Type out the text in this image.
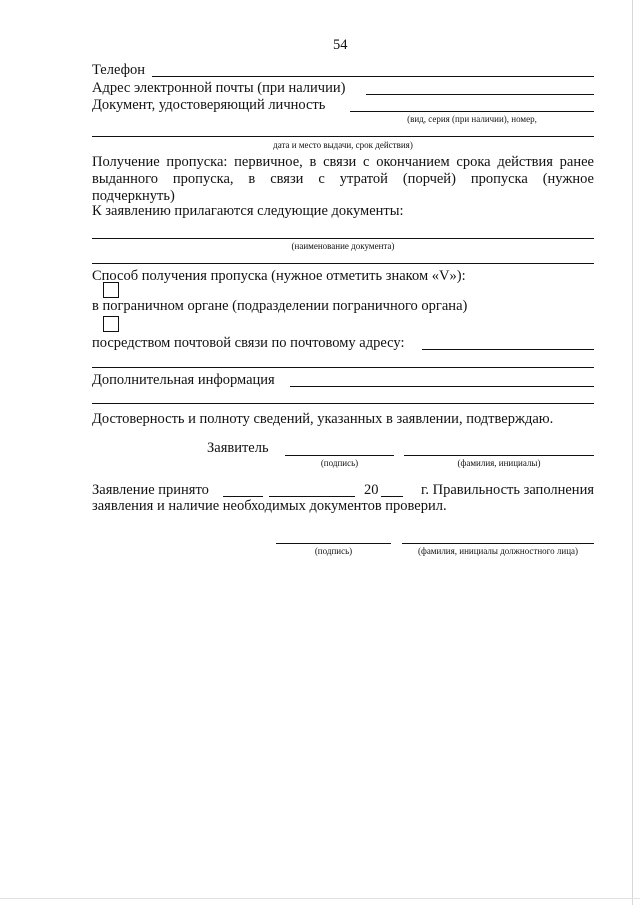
54
Телефон
Адрес электронной почты (при наличии)
Документ, удостоверяющий личность
(вид, серия (при наличии), номер,
дата и место выдачи, срок действия)
Получение пропуска: первичное, в связи с окончанием срока действия ранее
выданного пропуска, в связи с утратой (порчей) пропуска (нужное
подчеркнуть)
К заявлению прилагаются следующие документы:
(наименование документа)
Способ получения пропуска (нужное отметить знаком «V»):
в пограничном органе (подразделении пограничного органа)
посредством почтовой связи по почтовому адресу:
Дополнительная информация
Достоверность и полноту сведений, указанных в заявлении, подтверждаю.
Заявитель
(подпись)	(фамилия, инициалы)
Заявление принято	20	г. Правильность заполнения
заявления и наличие необходимых документов проверил.
(подпись)	(фамилия, инициалы должностного лица)
